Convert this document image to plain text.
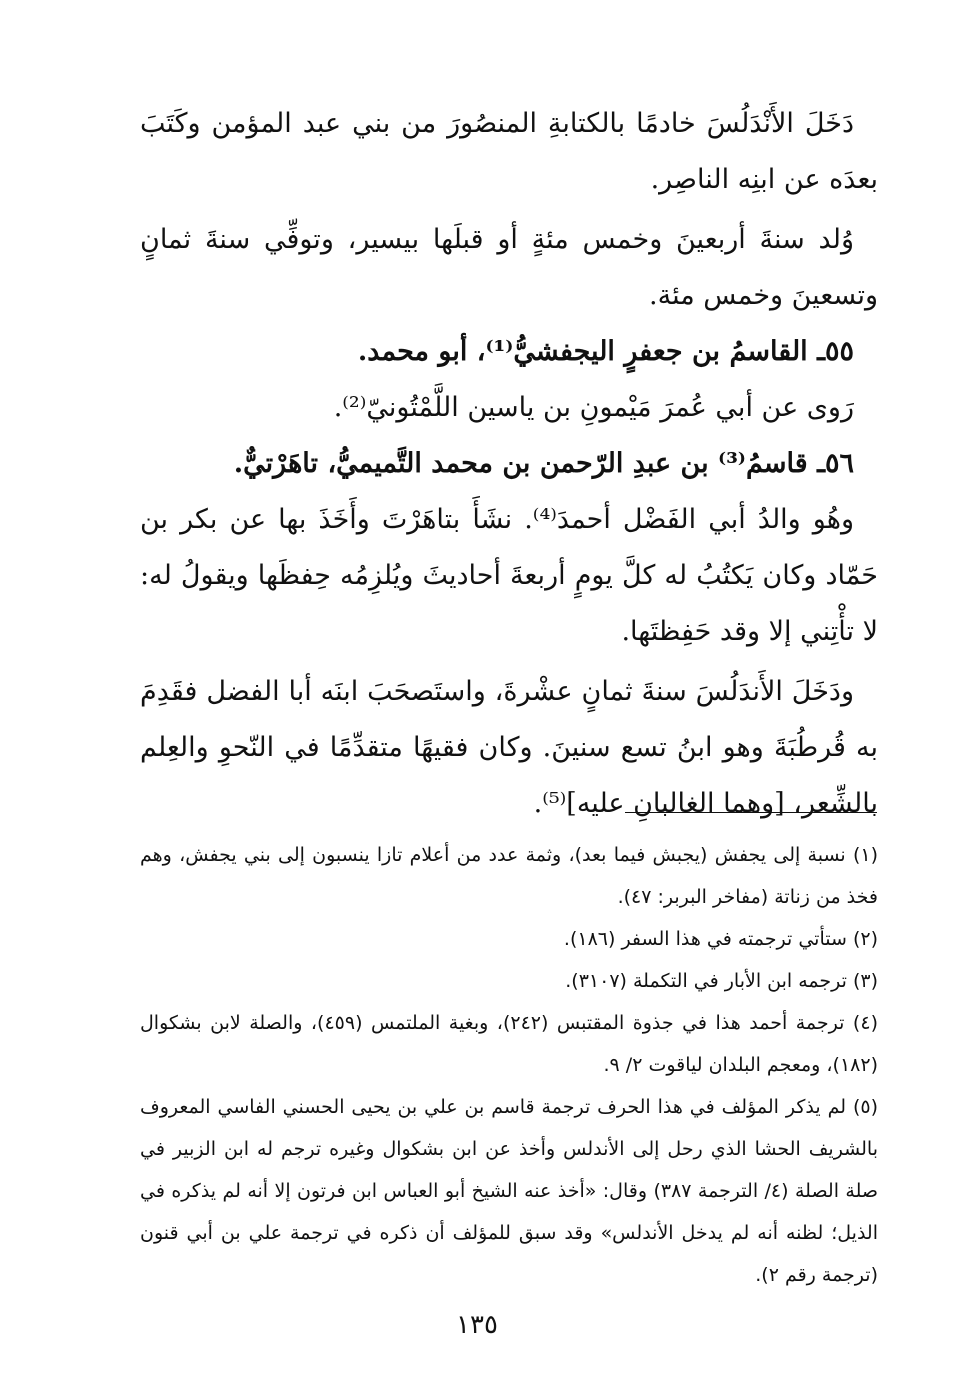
دَخَلَ الأَنْدَلُسَ خادمًا بالكتابةِ المنصُورَ من بني عبد المؤمن وكَتَبَ بعدَه عن ابنِه الناصِر.

وُلد سنةَ أربعينَ وخمس مئةٍ أو قبلَها بيسير، وتوفِّي سنةَ ثمانٍ وتسعينَ وخمس مئة.

٥٥ـ القاسمُ بن جعفرٍ اليجفشيُّ⁽¹⁾، أبو محمد.

رَوى عن أبي عُمرَ مَيْمونِ بن ياسين اللَّمْتُونيّ⁽²⁾.

٥٦ـ قاسمُ⁽³⁾ بن عبدِ الرّحمن بن محمد التَّميميُّ، تاهَرْتيٌّ.

وهُو والدُ أبي الفَضْل أحمدَ⁽⁴⁾. نشَأَ بتاهَرْتَ وأَخَذَ بها عن بكر بن حَمّاد وكان يَكتُبُ له كلَّ يومٍ أربعةَ أحاديثَ ويُلزِمُه حِفظَها ويقولُ له: لا تأْتِني إلا وقد حَفِظتَها.

ودَخَلَ الأَندَلُسَ سنةَ ثمانٍ عشْرةَ، واستَصحَبَ ابنَه أبا الفضل فقَدِمَ به قُرطُبَةَ وهو ابنُ تسع سنينَ. وكان فقيهًا متقدِّمًا في النّحوِ والعِلم بالشِّعر، [وهما الغالبانِ عليه]⁽⁵⁾.

(١) نسبة إلى يجفش (يجبش فيما بعد)، وثمة عدد من أعلام تازا ينسبون إلى بني يجفش، وهم فخذ من زناتة (مفاخر البربر: ٤٧).

(٢) ستأتي ترجمته في هذا السفر (١٨٦).

(٣) ترجمه ابن الأبار في التكملة (٣١٠٧).

(٤) ترجمة أحمد هذا في جذوة المقتبس (٢٤٢)، وبغية الملتمس (٤٥٩)، والصلة لابن بشكوال (١٨٢)، ومعجم البلدان لياقوت ٢/ ٩.

(٥) لم يذكر المؤلف في هذا الحرف ترجمة قاسم بن علي بن يحيى الحسني الفاسي المعروف بالشريف الحشا الذي رحل إلى الأندلس وأخذ عن ابن بشكوال وغيره ترجم له ابن الزبير في صلة الصلة (٤/ الترجمة ٣٨٧) وقال: «أخذ عنه الشيخ أبو العباس ابن فرتون إلا أنه لم يذكره في الذيل؛ لظنه أنه لم يدخل الأندلس» وقد سبق للمؤلف أن ذكره في ترجمة علي بن أبي قنون (ترجمة رقم ٢).

١٣٥
